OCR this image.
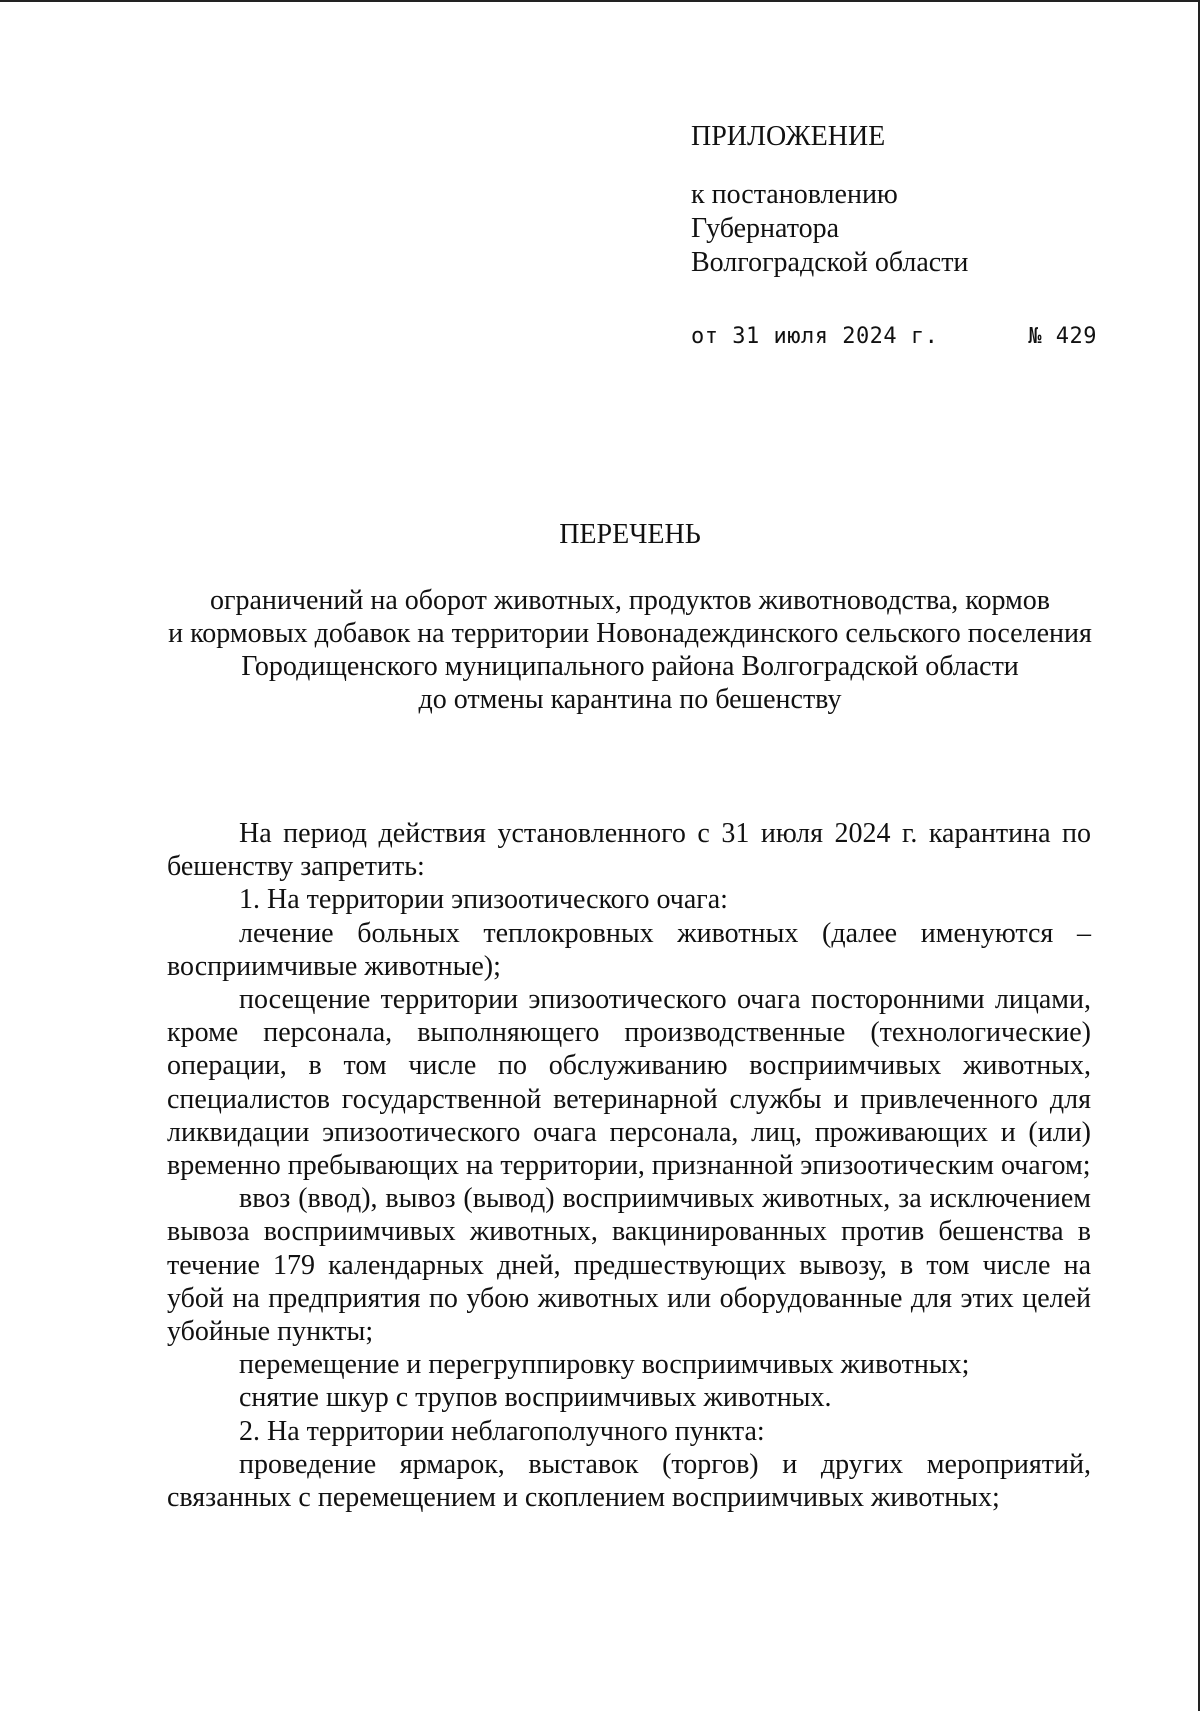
ПРИЛОЖЕНИЕ
к постановлению
Губернатора
Волгоградской области
от 31 июля 2024 г.	№ 429
ПЕРЕЧЕНЬ
ограничений на оборот животных, продуктов животноводства, кормов
и кормовых добавок на территории Новонадеждинского сельского поселения
Городищенского муниципального района Волгоградской области
до отмены карантина по бешенству

На период действия установленного с 31 июля 2024 г. карантина по бешенству запретить:

1. На территории эпизоотического очага:

лечение больных теплокровных животных (далее именуются – восприимчивые животные);

посещение территории эпизоотического очага посторонними лицами, кроме персонала, выполняющего производственные (технологические) операции, в том числе по обслуживанию восприимчивых животных, специалистов государственной ветеринарной службы и привлеченного для ликвидации эпизоотического очага персонала, лиц, проживающих и (или) временно пребывающих на территории, признанной эпизоотическим очагом;

ввоз (ввод), вывоз (вывод) восприимчивых животных, за исключением вывоза восприимчивых животных, вакцинированных против бешенства в течение 179 календарных дней, предшествующих вывозу, в том числе на убой на предприятия по убою животных или оборудованные для этих целей убойные пункты;

перемещение и перегруппировку восприимчивых животных;

снятие шкур с трупов восприимчивых животных.

2. На территории неблагополучного пункта:

проведение ярмарок, выставок (торгов) и других мероприятий, связанных с перемещением и скоплением восприимчивых животных;
